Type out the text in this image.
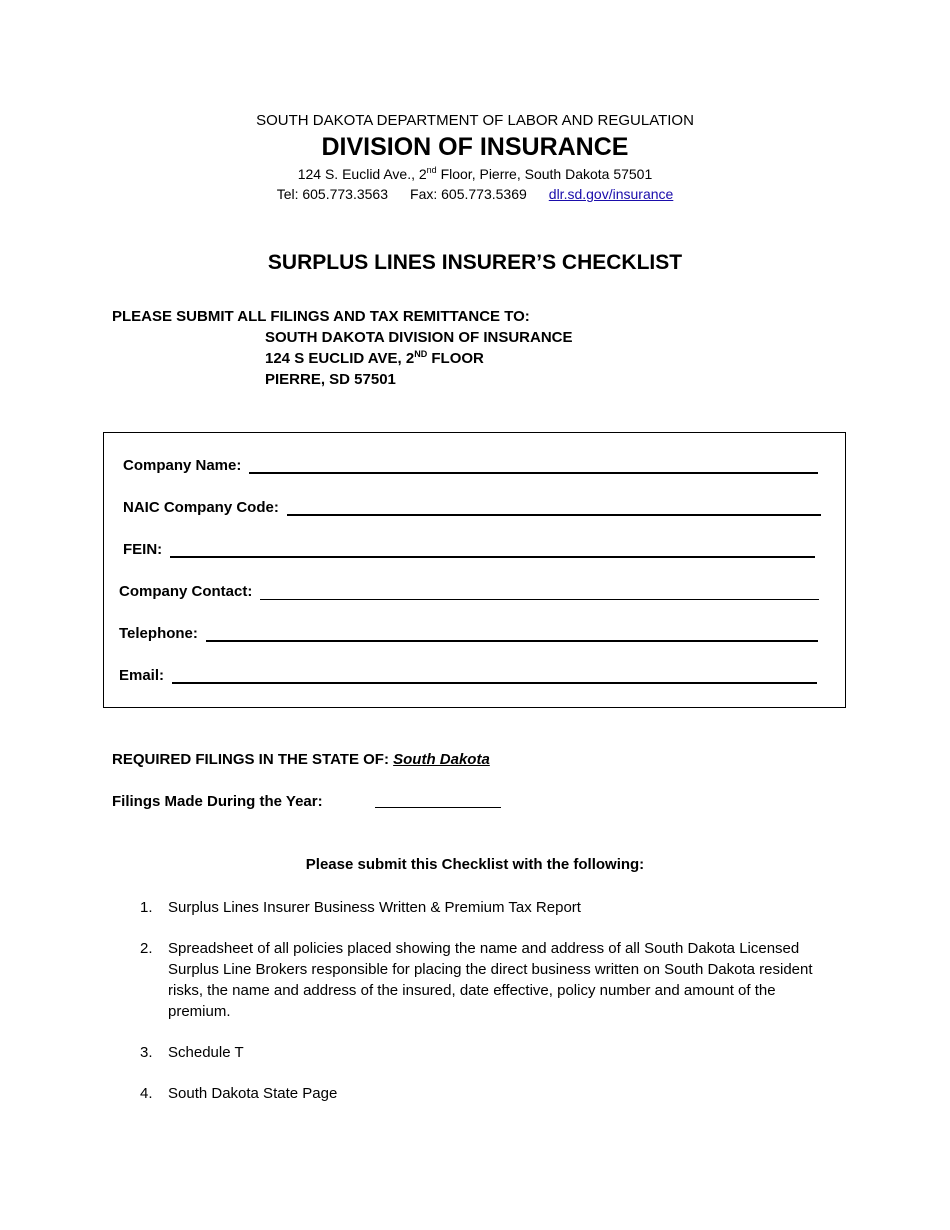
SOUTH DAKOTA DEPARTMENT OF LABOR AND REGULATION
DIVISION OF INSURANCE
124 S. Euclid Ave., 2nd Floor, Pierre, South Dakota 57501
Tel: 605.773.3563 Fax: 605.773.5369 dlr.sd.gov/insurance
SURPLUS LINES INSURER’S CHECKLIST
PLEASE SUBMIT ALL FILINGS AND TAX REMITTANCE TO:
SOUTH DAKOTA DIVISION OF INSURANCE
124 S EUCLID AVE, 2ND FLOOR
PIERRE, SD 57501
Company Name:
NAIC Company Code:
FEIN:
Company Contact:
Telephone:
Email:
REQUIRED FILINGS IN THE STATE OF: South Dakota
Filings Made During the Year:
Please submit this Checklist with the following:
1.	Surplus Lines Insurer Business Written & Premium Tax Report
2.	Spreadsheet of all policies placed showing the name and address of all South Dakota Licensed Surplus Line Brokers responsible for placing the direct business written on South Dakota resident risks, the name and address of the insured, date effective, policy number and amount of the premium.
3.	Schedule T
4.	South Dakota State Page
